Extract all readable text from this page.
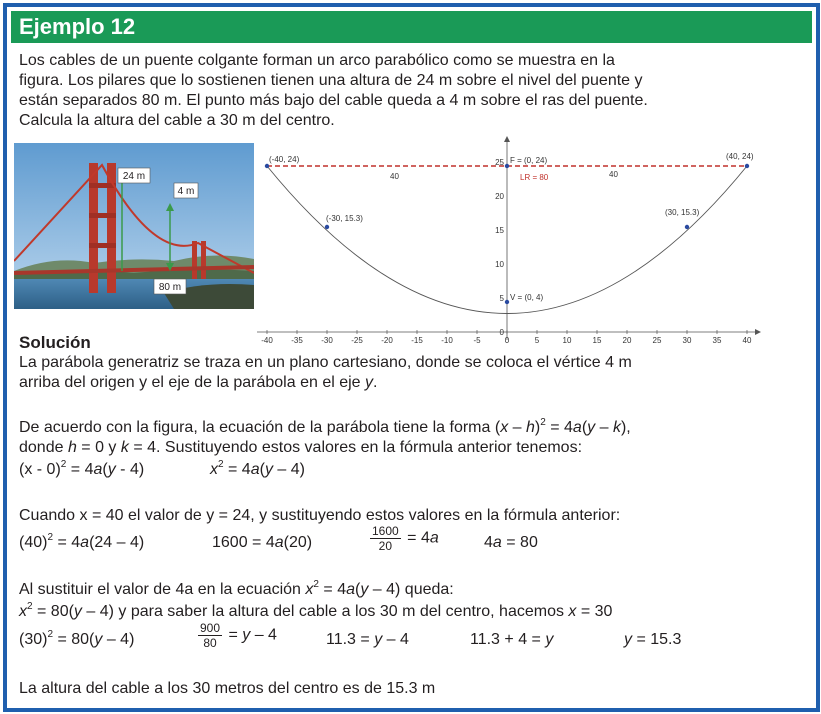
Ejemplo 12
Los cables de un puente colgante forman un arco parabólico como se muestra en la
figura. Los pilares que lo sostienen tienen una altura de 24 m sobre el nivel del puente y
están separados 80 m. El punto más bajo del cable queda a 4 m sobre el ras del puente.
Calcula la altura del cable a 30 m del centro.
24 m
4 m
80 m
(-40, 24)	(40, 24)
F = (0, 24)
LR = 80
40	40
(-30, 15.3)
(30, 15.3)
V = (0, 4)
-40 -35 -30 -25 -20 -15 -10	-5	0	5	10	15	20	25	30	35	40
25
20
15
10
5
0
Solución
La parábola generatriz se traza en un plano cartesiano, donde se coloca el vértice 4 m
arriba del origen y el eje de la parábola en el eje y.
De acuerdo con la figura, la ecuación de la parábola tiene la forma (x – h)$^2$ = 4a(y – k),
donde h = 0 y k = 4. Sustituyendo estos valores en la fórmula anterior tenemos:
(x - 0)$^2$ = 4a(y - 4)	$x^2 = 4a(y - 4)$
Cuando x = 40 el valor de y = 24, y sustituyendo estos valores en la fórmula anterior:
$(40)^2 = 4a(24 - 4)$	1600 = 4a(20)	$\frac{1600}{20} = 4a$	4a = 80
Al sustituir el valor de 4a en la ecuación $x^2 = 4a(y - 4)$ queda:
$x^2 = 80(y - 4)$ y para saber la altura del cable a los 30 m del centro, hacemos x = 30
$(30)^2 = 80(y - 4)$	$\frac{900}{80} = y - 4$	11.3 = y – 4	11.3 + 4 = y	y = 15.3
La altura del cable a los 30 metros del centro es de 15.3 m
